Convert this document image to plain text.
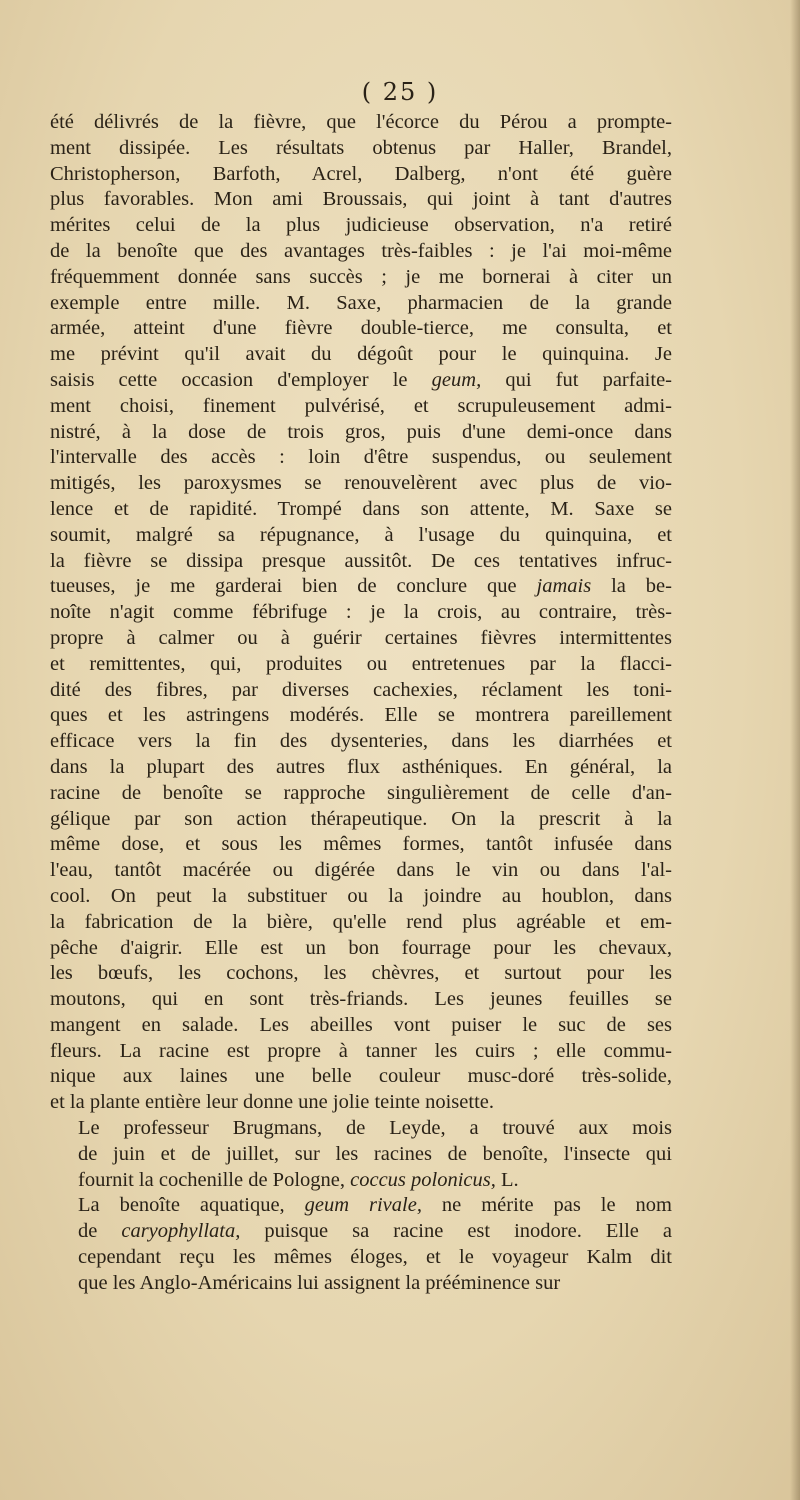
( 25 )

été délivrés de la fièvre, que l'écorce du Pérou a prompte-
ment dissipée. Les résultats obtenus par Haller, Brandel,
Christopherson, Barfoth, Acrel, Dalberg, n'ont été guère
plus favorables. Mon ami Broussais, qui joint à tant d'autres
mérites celui de la plus judicieuse observation, n'a retiré
de la benoîte que des avantages très-faibles : je l'ai moi-même
fréquemment donnée sans succès ; je me bornerai à citer un
exemple entre mille. M. Saxe, pharmacien de la grande
armée, atteint d'une fièvre double-tierce, me consulta, et
me prévint qu'il avait du dégoût pour le quinquina. Je
saisis cette occasion d'employer le geum, qui fut parfaite-
ment choisi, finement pulvérisé, et scrupuleusement admi-
nistré, à la dose de trois gros, puis d'une demi-once dans
l'intervalle des accès : loin d'être suspendus, ou seulement
mitigés, les paroxysmes se renouvelèrent avec plus de vio-
lence et de rapidité. Trompé dans son attente, M. Saxe se
soumit, malgré sa répugnance, à l'usage du quinquina, et
la fièvre se dissipa presque aussitôt. De ces tentatives infruc-
tueuses, je me garderai bien de conclure que jamais la be-
noîte n'agit comme fébrifuge : je la crois, au contraire, très-
propre à calmer ou à guérir certaines fièvres intermittentes
et remittentes, qui, produites ou entretenues par la flacci-
dité des fibres, par diverses cachexies, réclament les toni-
ques et les astringens modérés. Elle se montrera pareillement
efficace vers la fin des dysenteries, dans les diarrhées et
dans la plupart des autres flux asthéniques. En général, la
racine de benoîte se rapproche singulièrement de celle d'an-
gélique par son action thérapeutique. On la prescrit à la
même dose, et sous les mêmes formes, tantôt infusée dans
l'eau, tantôt macérée ou digérée dans le vin ou dans l'al-
cool. On peut la substituer ou la joindre au houblon, dans
la fabrication de la bière, qu'elle rend plus agréable et em-
pêche d'aigrir. Elle est un bon fourrage pour les chevaux,
les bœufs, les cochons, les chèvres, et surtout pour les
moutons, qui en sont très-friands. Les jeunes feuilles se
mangent en salade. Les abeilles vont puiser le suc de ses
fleurs. La racine est propre à tanner les cuirs ; elle commu-
nique aux laines une belle couleur musc-doré très-solide,
et la plante entière leur donne une jolie teinte noisette.

Le professeur Brugmans, de Leyde, a trouvé aux mois
de juin et de juillet, sur les racines de benoîte, l'insecte qui
fournit la cochenille de Pologne, coccus polonicus, L.

La benoîte aquatique, geum rivale, ne mérite pas le nom
de caryophyllata, puisque sa racine est inodore. Elle a
cependant reçu les mêmes éloges, et le voyageur Kalm dit
que les Anglo-Américains lui assignent la prééminence sur
